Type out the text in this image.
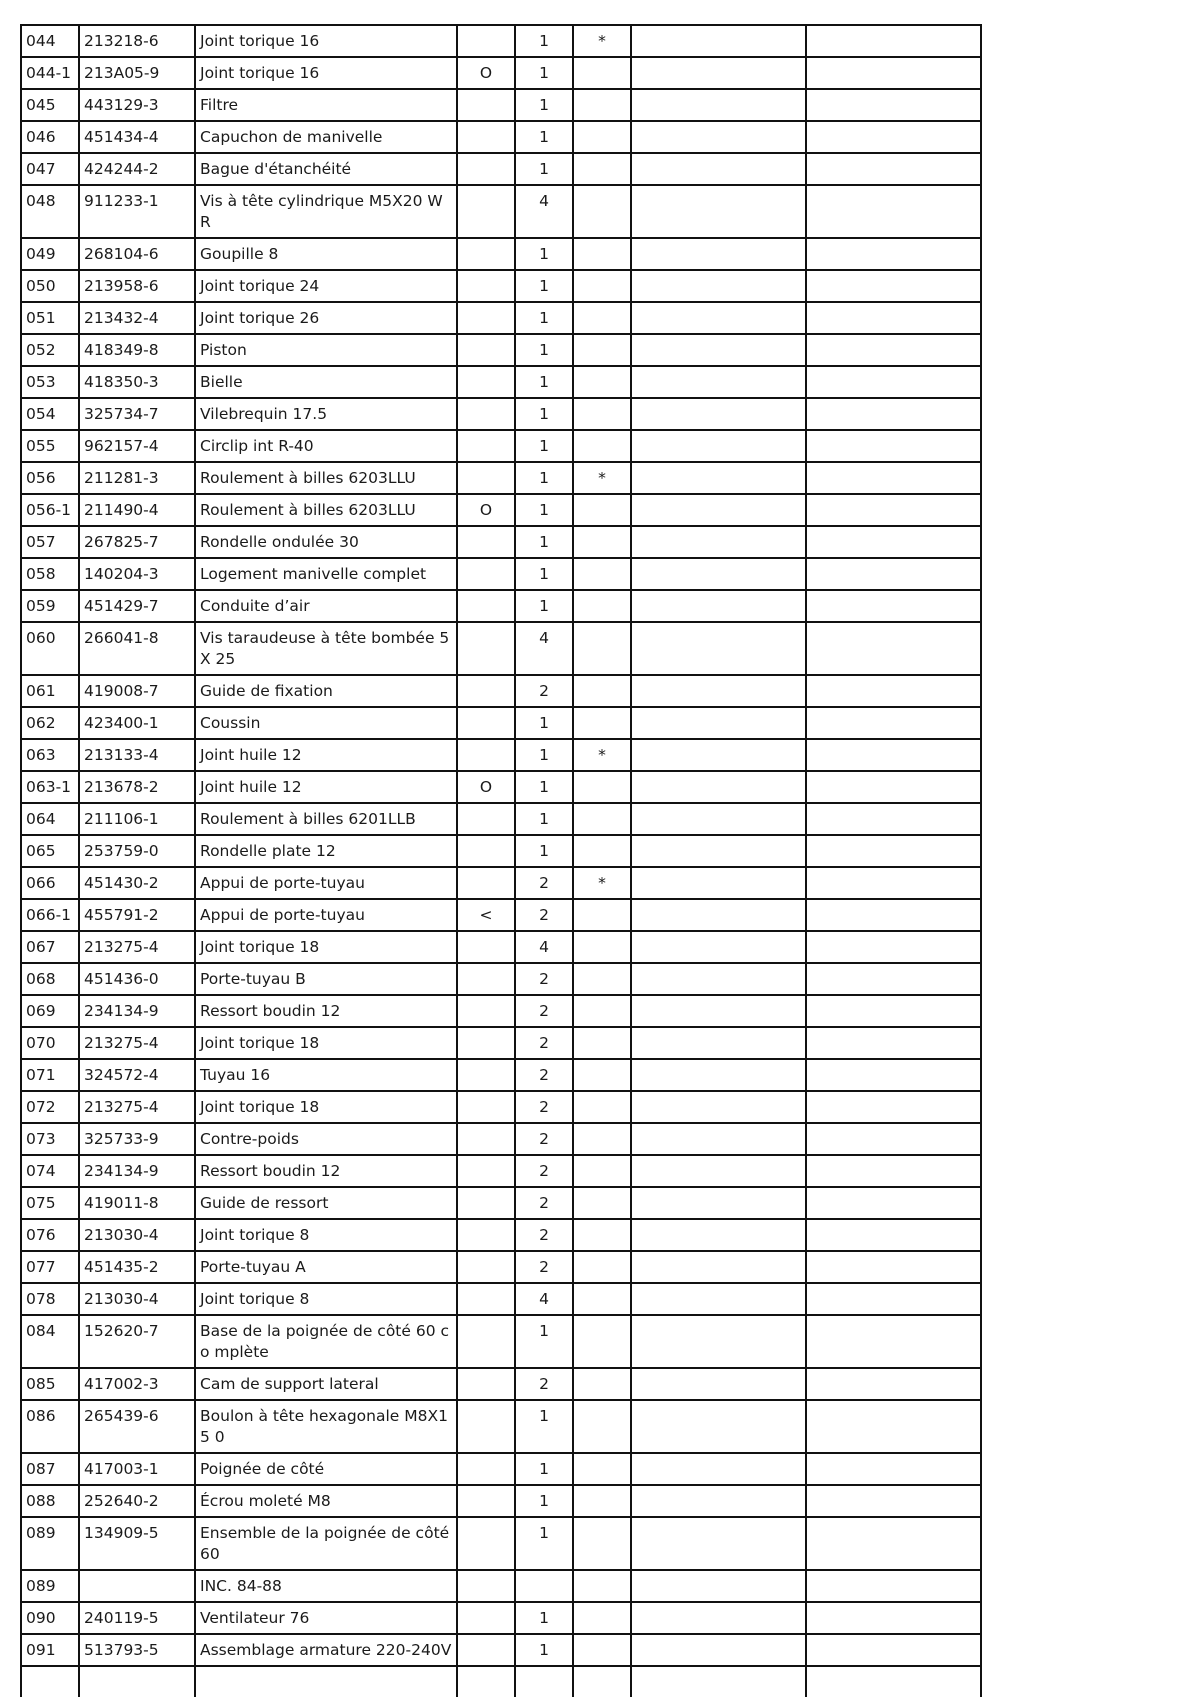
044	213218-6	Joint torique 16		1	*		
044-1	213A05-9	Joint torique 16	O	1			
045	443129-3	Filtre		1			
046	451434-4	Capuchon de manivelle		1			
047	424244-2	Bague d'étanchéité		1			
048	911233-1	Vis à tête cylindrique M5X20 WR		4			
049	268104-6	Goupille 8		1			
050	213958-6	Joint torique 24		1			
051	213432-4	Joint torique 26		1			
052	418349-8	Piston		1			
053	418350-3	Bielle		1			
054	325734-7	Vilebrequin 17.5		1			
055	962157-4	Circlip int R-40		1			
056	211281-3	Roulement à billes 6203LLU		1	*		
056-1	211490-4	Roulement à billes 6203LLU	O	1			
057	267825-7	Rondelle ondulée 30		1			
058	140204-3	Logement manivelle complet		1			
059	451429-7	Conduite d’air		1			
060	266041-8	Vis taraudeuse à tête bombée 5X 25		4			
061	419008-7	Guide de fixation		2			
062	423400-1	Coussin		1			
063	213133-4	Joint huile 12		1	*		
063-1	213678-2	Joint huile 12	O	1			
064	211106-1	Roulement à billes 6201LLB		1			
065	253759-0	Rondelle plate 12		1			
066	451430-2	Appui de porte-tuyau		2	*		
066-1	455791-2	Appui de porte-tuyau	<	2			
067	213275-4	Joint torique 18		4			
068	451436-0	Porte-tuyau B		2			
069	234134-9	Ressort boudin 12		2			
070	213275-4	Joint torique 18		2			
071	324572-4	Tuyau 16		2			
072	213275-4	Joint torique 18		2			
073	325733-9	Contre-poids		2			
074	234134-9	Ressort boudin 12		2			
075	419011-8	Guide de ressort		2			
076	213030-4	Joint torique 8		2			
077	451435-2	Porte-tuyau A		2			
078	213030-4	Joint torique 8		4			
084	152620-7	Base de la poignée de côté 60 co mplète		1			
085	417002-3	Cam de support lateral		2			
086	265439-6	Boulon à tête hexagonale M8X15 0		1			
087	417003-1	Poignée de côté		1			
088	252640-2	Écrou moleté M8		1			
089	134909-5	Ensemble de la poignée de côté 60		1			
089		INC. 84-88					
090	240119-5	Ventilateur 76		1			
091	513793-5	Assemblage armature 220-240V		1			
